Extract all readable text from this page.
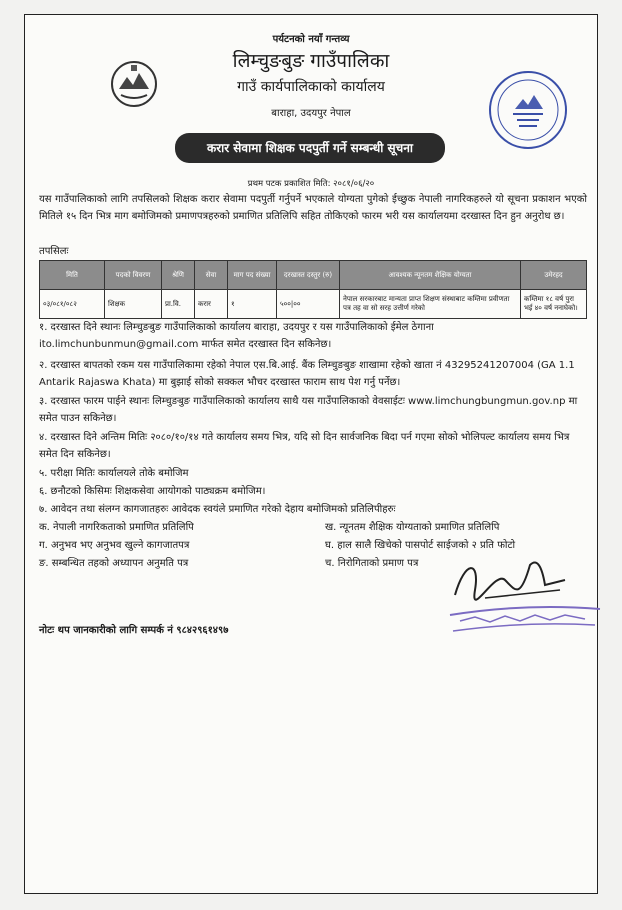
पर्यटनको नयाँ गन्तव्य
लिम्चुङबुङ गाउँपालिका
गाउँ कार्यपालिकाको कार्यालय
बाराहा, उदयपुर नेपाल
करार सेवामा शिक्षक पदपुर्ती गर्ने सम्बन्धी सूचना
प्रथम पटक प्रकाशित मिति: २०८१/०६/२०
यस गाउँपालिकाको लागि तपसिलको शिक्षक करार सेवामा पदपुर्ती गर्नुपर्ने भएकाले योग्यता पुगेको ईच्छुक नेपाली नागरिकहरुले यो सूचना प्रकाशन भएको मितिले १५ दिन भित्र माग बमोजिमको प्रमाणपत्रहरुको प्रमाणित प्रतिलिपि सहित तोकिएको फारम भरी यस कार्यालयमा दरखास्त दिन हुन अनुरोध छ।
तपसिलः
मिति	पदको विवरण	श्रेणि	सेवा	माग पद संख्या	दरखास्त दस्तुर (रु)	आवश्यक न्यूनतम शैक्षिक योग्यता	उमेरहद
०३/०८१/०८२	शिक्षक	प्रा.वि.	करार	१	५००|००	नेपाल सरकारबाट मान्यता प्राप्त शिक्षण संस्थाबाट कम्तिमा प्रवीणता पत्र तह वा सो सरह उत्तीर्ण गरेको	कम्तिमा १८ वर्ष पुरा भई ४० वर्ष ननाघेको।
१. दरखास्त दिने स्थानः लिम्चुङबुङ गाउँपालिकाको कार्यालय बाराहा, उदयपुर र यस गाउँपालिकाको ईमेल ठेगाना ito.limchunbunmun@gmail.com मार्फत समेत दरखास्त दिन सकिनेछ।
२. दरखास्त बापतको रकम यस गाउँपालिकामा रहेको नेपाल एस.बि.आई. बैंक लिम्चुङबुङ शाखामा रहेको खाता नं 43295241207004 (GA 1.1 Antarik Rajaswa Khata) मा बुझाई सोको सक्कल भौचर दरखास्त फाराम साथ पेश गर्नु पर्नेछ।
३. दरखास्त फारम पाईने स्थानः लिम्चुङबुङ गाउँपालिकाको कार्यालय साथै यस गाउँपालिकाको वेवसाईटः www.limchungbungmun.gov.np मा समेत पाउन सकिनेछ।
४. दरखास्त दिने अन्तिम मितिः २०८०/१०/१४ गते कार्यालय समय भित्र, यदि सो दिन सार्वजनिक बिदा पर्न गएमा सोको भोलिपल्ट कार्यालय समय भित्र समेत दिन सकिनेछ।
५. परीक्षा मितिः कार्यालयले तोके बमोजिम
६. छनौटको किसिमः शिक्षकसेवा आयोगको पाठ्यक्रम बमोजिम।
७. आवेदन तथा संलग्न कागजातहरुः आवेदक स्वयंले प्रमाणित गरेको देहाय बमोजिमको प्रतिलिपीहरुः
क. नेपाली नागरिकताको प्रमाणित प्रतिलिपि	ख. न्यूनतम शैक्षिक योग्यताको प्रमाणित प्रतिलिपि
ग. अनुभव भए अनुभव खुल्ने कागजातपत्र	घ. हाल सालै खिचेको पासपोर्ट साईजको २ प्रति फोटो
ङ. सम्बन्धित तहको अध्यापन अनुमति पत्र	च. निरोगिताको प्रमाण पत्र
नोटः थप जानकारीको लागि सम्पर्क नं ९८४२९६१४९७
